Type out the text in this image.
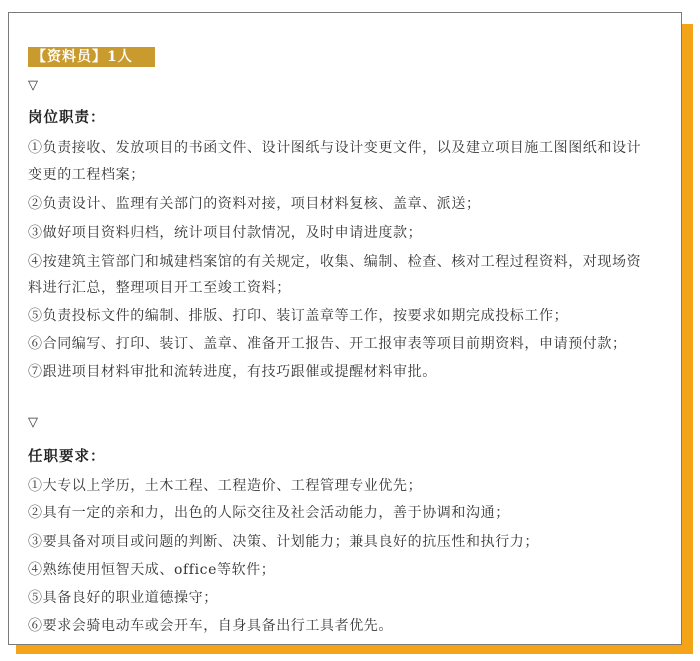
【资料员】1人
▽
岗位职责：
①负责接收、发放项目的书函文件、设计图纸与设计变更文件，以及建立项目施工图图纸和设计
变更的工程档案；
②负责设计、监理有关部门的资料对接，项目材料复核、盖章、派送；
③做好项目资料归档，统计项目付款情况，及时申请进度款；
④按建筑主管部门和城建档案馆的有关规定，收集、编制、检查、核对工程过程资料，对现场资
料进行汇总，整理项目开工至竣工资料；
⑤负责投标文件的编制、排版、打印、装订盖章等工作，按要求如期完成投标工作；
⑥合同编写、打印、装订、盖章、准备开工报告、开工报审表等项目前期资料，申请预付款；
⑦跟进项目材料审批和流转进度，有技巧跟催或提醒材料审批。
▽
任职要求：
①大专以上学历，土木工程、工程造价、工程管理专业优先；
②具有一定的亲和力，出色的人际交往及社会活动能力，善于协调和沟通；
③要具备对项目或问题的判断、决策、计划能力；兼具良好的抗压性和执行力；
④熟练使用恒智天成、office等软件；
⑤具备良好的职业道德操守；
⑥要求会骑电动车或会开车，自身具备出行工具者优先。
